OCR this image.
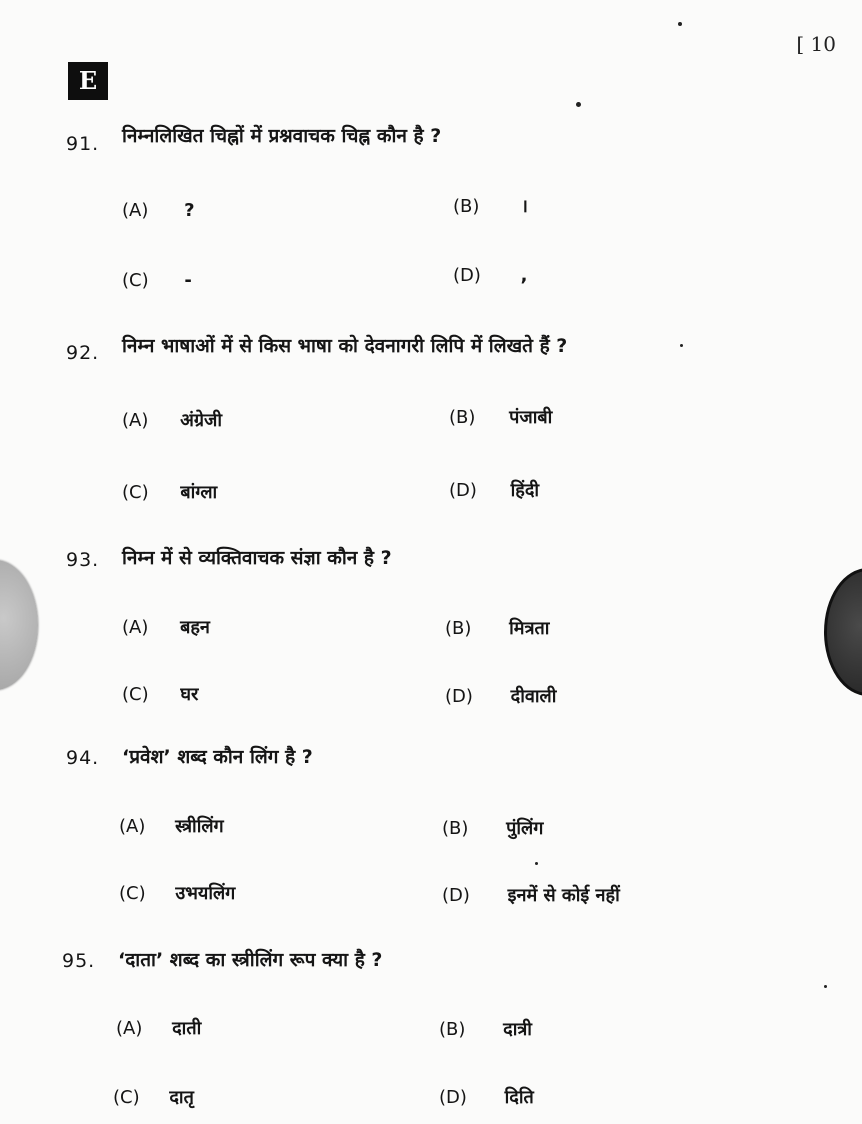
[ 10
E
91. निम्नलिखित चिह्नों में प्रश्नवाचक चिह्न कौन है ?
(A) ?	(B) ।
(C) -	(D) ,
92. निम्न भाषाओं में से किस भाषा को देवनागरी लिपि में लिखते हैं ?
(A) अंग्रेजी	(B) पंजाबी
(C) बांग्ला	(D) हिंदी
93. निम्न में से व्यक्तिवाचक संज्ञा कौन है ?
(A) बहन	(B) मित्रता
(C) घर	(D) दीवाली
94. ‘प्रवेश’ शब्द कौन लिंग है ?
(A) स्त्रीलिंग	(B) पुंलिंग
(C) उभयलिंग	(D) इनमें से कोई नहीं
95. ‘दाता’ शब्द का स्त्रीलिंग रूप क्या है ?
(A) दाती	(B) दात्री
(C) दातृ	(D) दिति
